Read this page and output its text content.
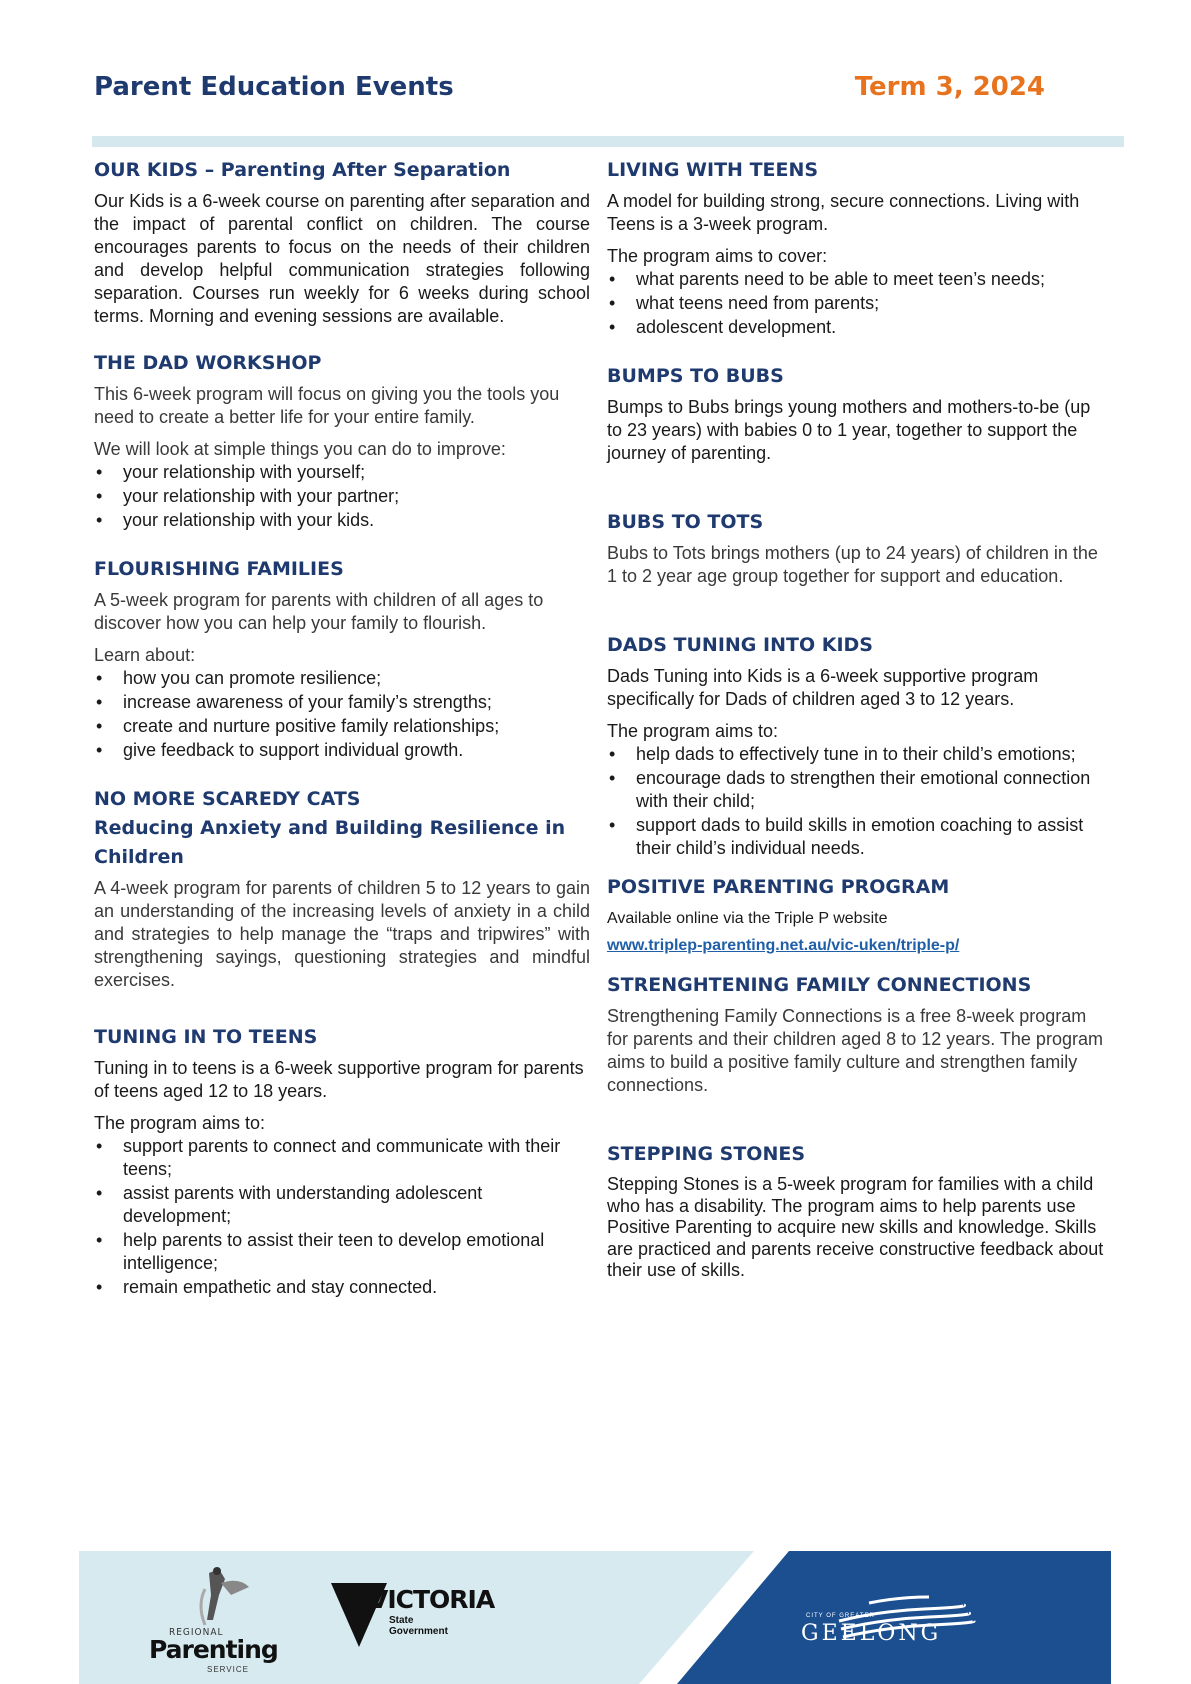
Parent Education Events	Term 3, 2024
OUR KIDS – Parenting After Separation

Our Kids is a 6-week course on parenting after separation and the impact of parental conflict on children. The course encourages parents to focus on the needs of their children and develop helpful communication strategies following separation. Courses run weekly for 6 weeks during school terms. Morning and evening sessions are available.

THE DAD WORKSHOP

This 6-week program will focus on giving you the tools you need to create a better life for your entire family.

We will look at simple things you can do to improve:

• your relationship with yourself;
• your relationship with your partner;
• your relationship with your kids.
FLOURISHING FAMILIES

A 5-week program for parents with children of all ages to discover how you can help your family to flourish.

Learn about:

• how you can promote resilience;
• increase awareness of your family’s strengths;
• create and nurture positive family relationships;
• give feedback to support individual growth.
NO MORE SCAREDY CATS
Reducing Anxiety and Building Resilience in Children

A 4-week program for parents of children 5 to 12 years to gain an understanding of the increasing levels of anxiety in a child and strategies to help manage the “traps and tripwires” with strengthening sayings, questioning strategies and mindful exercises.

TUNING IN TO TEENS

Tuning in to teens is a 6-week supportive program for parents of teens aged 12 to 18 years.

The program aims to:

• support parents to connect and communicate with their teens;
• assist parents with understanding adolescent development;
• help parents to assist their teen to develop emotional intelligence;
• remain empathetic and stay connected.
LIVING WITH TEENS

A model for building strong, secure connections. Living with Teens is a 3-week program.

The program aims to cover:

• what parents need to be able to meet teen’s needs;
• what teens need from parents;
• adolescent development.
BUMPS TO BUBS

Bumps to Bubs brings young mothers and mothers-to-be (up to 23 years) with babies 0 to 1 year, together to support the journey of parenting.

BUBS TO TOTS

Bubs to Tots brings mothers (up to 24 years) of children in the 1 to 2 year age group together for support and education.

DADS TUNING INTO KIDS

Dads Tuning into Kids is a 6-week supportive program specifically for Dads of children aged 3 to 12 years.

The program aims to:

• help dads to effectively tune in to their child’s emotions;
• encourage dads to strengthen their emotional connection with their child;
• support dads to build skills in emotion coaching to assist their child’s individual needs.
POSITIVE PARENTING PROGRAM

Available online via the Triple P website

www.triplep-parenting.net.au/vic-uken/triple-p/
STRENGHTENING FAMILY CONNECTIONS

Strengthening Family Connections is a free 8-week program for parents and their children aged 8 to 12 years. The program aims to build a positive family culture and strengthen family connections.

STEPPING STONES

Stepping Stones is a 5-week program for families with a child who has a disability. The program aims to help parents use Positive Parenting to acquire new skills and knowledge. Skills are practiced and parents receive constructive feedback about their use of skills.

REGIONAL
Parenting
SERVICE
VICTORIA
State
Government
CITY OF GREATER
GEELONG
